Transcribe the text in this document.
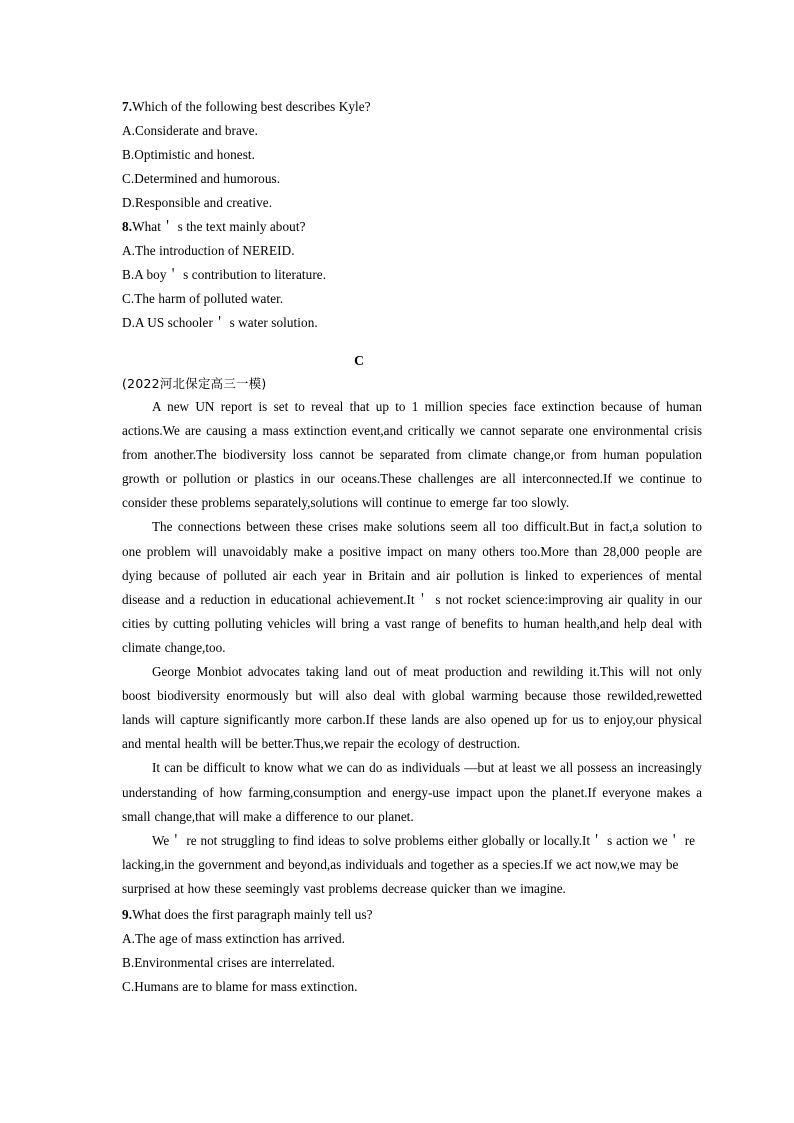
7.Which of the following best describes Kyle?
A.Considerate and brave.
B.Optimistic and honest.
C.Determined and humorous.
D.Responsible and creative.
8.What＇ s the text mainly about?
A.The introduction of NEREID.
B.A boy＇ s contribution to literature.
C.The harm of polluted water.
D.A US schooler＇ s water solution.
C
(2022河北保定高三一模)

A new UN report is set to reveal that up to 1 million species face extinction because of human actions.We are causing a mass extinction event,and critically we cannot separate one environmental crisis from another.The biodiversity loss cannot be separated from climate change,or from human population growth or pollution or plastics in our oceans.These challenges are all interconnected.If we continue to consider these problems separately,solutions will continue to emerge far too slowly.

The connections between these crises make solutions seem all too difficult.But in fact,a solution to one problem will unavoidably make a positive impact on many others too.More than 28,000 people are dying because of polluted air each year in Britain and air pollution is linked to experiences of mental disease and a reduction in educational achievement.It＇ s not rocket science:improving air quality in our cities by cutting polluting vehicles will bring a vast range of benefits to human health,and help deal with climate change,too.

George Monbiot advocates taking land out of meat production and rewilding it.This will not only boost biodiversity enormously but will also deal with global warming because those rewilded,rewetted lands will capture significantly more carbon.If these lands are also opened up for us to enjoy,our physical and mental health will be better.Thus,we repair the ecology of destruction.

It can be difficult to know what we can do as individuals —but at least we all possess an increasingly understanding of how farming,consumption and energy-use impact upon the planet.If everyone makes a small change,that will make a difference to our planet.

We＇ re not struggling to find ideas to solve problems either globally or locally.It＇ s action we＇ re lacking,in the government and beyond,as individuals and together as a species.If we act now,we may be surprised at how these seemingly vast problems decrease quicker than we imagine.

9.What does the first paragraph mainly tell us?
A.The age of mass extinction has arrived.
B.Environmental crises are interrelated.
C.Humans are to blame for mass extinction.
